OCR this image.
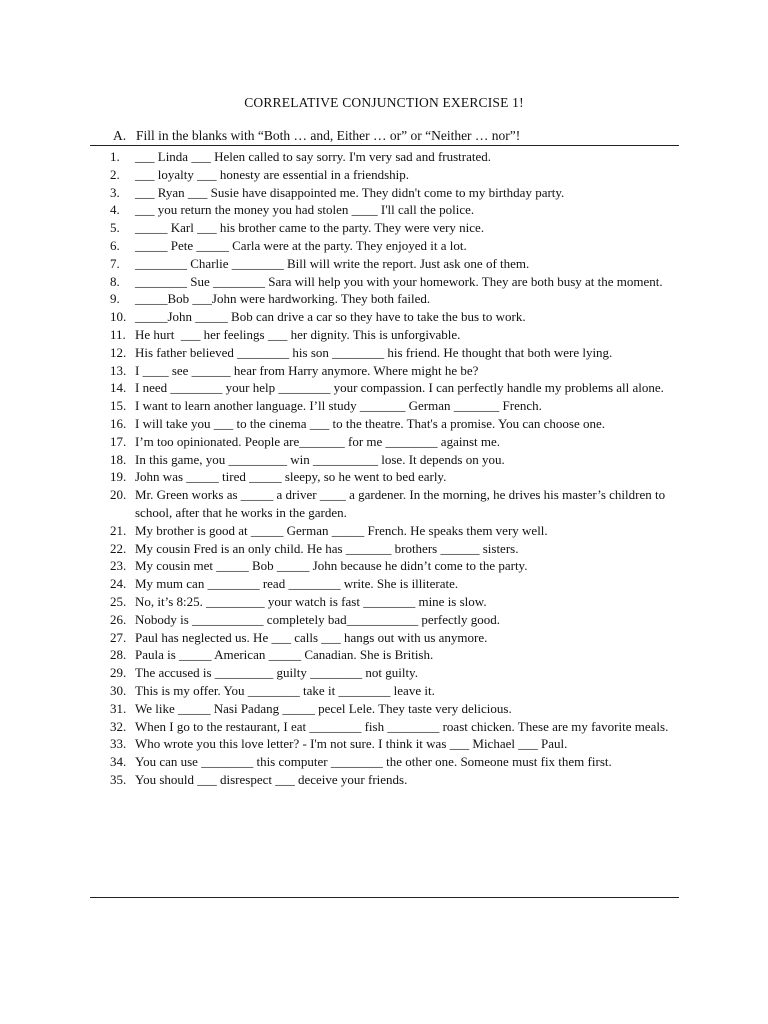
CORRELATIVE CONJUNCTION EXERCISE 1!
A. Fill in the blanks with “Both … and, Either … or” or “Neither … nor”!
1.	___ Linda ___ Helen called to say sorry. I'm very sad and frustrated.
2.	___ loyalty ___ honesty are essential in a friendship.
3.	___ Ryan ___ Susie have disappointed me. They didn't come to my birthday party.
4.	___ you return the money you had stolen ____ I'll call the police.
5.	_____ Karl ___ his brother came to the party. They were very nice.
6.	_____ Pete _____ Carla were at the party. They enjoyed it a lot.
7.	________ Charlie ________ Bill will write the report. Just ask one of them.
8.	________ Sue ________ Sara will help you with your homework. They are both busy at the moment.
9.	_____Bob ___John were hardworking. They both failed.
10. _____John _____ Bob can drive a car so they have to take the bus to work.
11. He hurt  ___ her feelings ___ her dignity. This is unforgivable.
12. His father believed ________ his son ________ his friend. He thought that both were lying.
13. I ____ see ______ hear from Harry anymore. Where might he be?
14. I need ________ your help ________ your compassion. I can perfectly handle my problems all alone.
15. I want to learn another language. I’ll study _______ German _______ French.
16. I will take you ___ to the cinema ___ to the theatre. That's a promise. You can choose one.
17. I’m too opinionated. People are_______ for me ________ against me.
18. In this game, you _________ win __________ lose. It depends on you.
19. John was _____ tired _____ sleepy, so he went to bed early.
20. Mr. Green works as _____ a driver ____ a gardener. In the morning, he drives his master’s children to school, after that he works in the garden.
21. My brother is good at _____ German _____ French. He speaks them very well.
22. My cousin Fred is an only child. He has _______ brothers ______ sisters.
23. My cousin met _____ Bob _____ John because he didn’t come to the party.
24. My mum can ________ read ________ write. She is illiterate.
25. No, it’s 8:25. _________ your watch is fast ________ mine is slow.
26. Nobody is ___________ completely bad___________ perfectly good.
27. Paul has neglected us. He ___ calls ___ hangs out with us anymore.
28. Paula is _____ American _____ Canadian. She is British.
29. The accused is _________ guilty ________ not guilty.
30. This is my offer. You ________ take it ________ leave it.
31. We like _____ Nasi Padang _____ pecel Lele. They taste very delicious.
32. When I go to the restaurant, I eat ________ fish ________ roast chicken. These are my favorite meals.
33. Who wrote you this love letter? - I'm not sure. I think it was ___ Michael ___ Paul.
34. You can use ________ this computer ________ the other one. Someone must fix them first.
35. You should ___ disrespect ___ deceive your friends.
